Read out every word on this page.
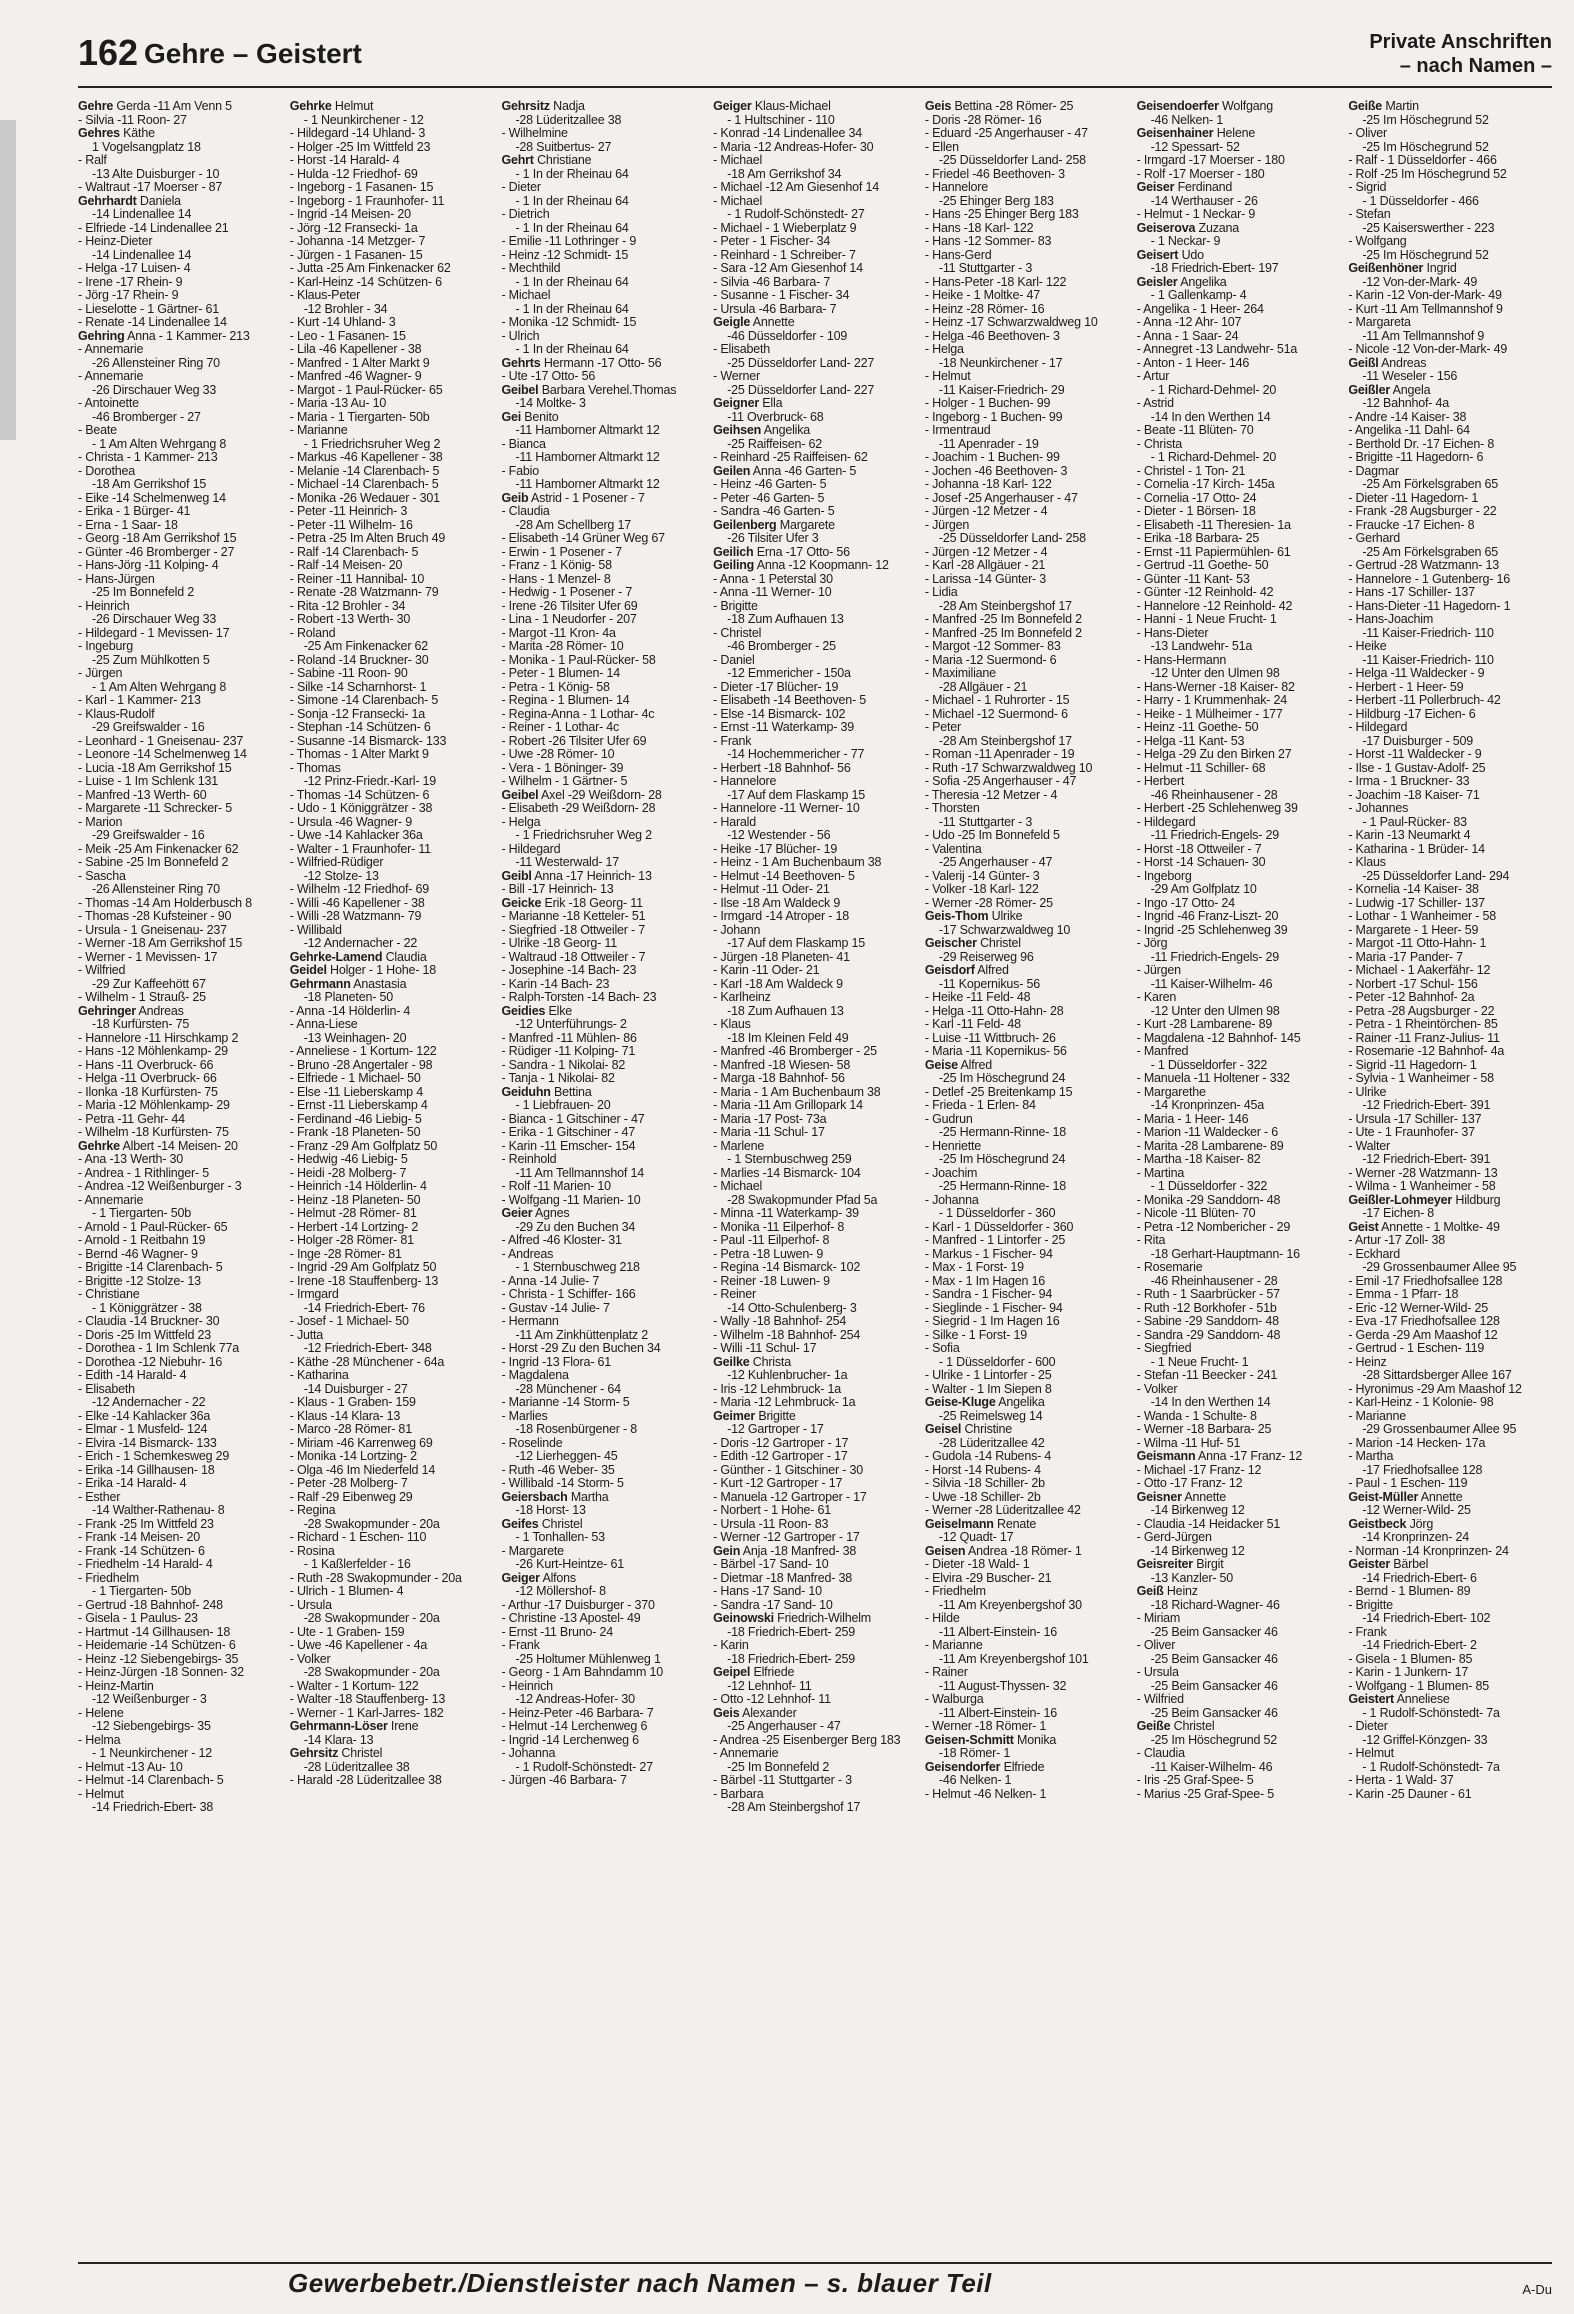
162 Gehre – Geistert	Private Anschriften
– nach Namen –
Gehre Gerda -11 Am Venn 5
- Silvia -11 Roon- 27
Gehres Käthe
1 Vogelsangplatz 18
- Ralf
-13 Alte Duisburger - 10
- Waltraut -17 Moerser - 87
Gehrhardt Daniela
-14 Lindenallee 14
- Elfriede -14 Lindenallee 21
- Heinz-Dieter
-14 Lindenallee 14
- Helga -17 Luisen- 4
- Irene -17 Rhein- 9
- Jörg -17 Rhein- 9
- Lieselotte - 1 Gärtner- 61
- Renate -14 Lindenallee 14
Gehring Anna - 1 Kammer- 213
- Annemarie
-26 Allensteiner Ring 70
- Annemarie
-26 Dirschauer Weg 33
- Antoinette
-46 Bromberger - 27
- Beate
- 1 Am Alten Wehrgang 8
- Christa - 1 Kammer- 213
- Dorothea
-18 Am Gerrikshof 15
- Eike -14 Schelmenweg 14
- Erika - 1 Bürger- 41
- Erna - 1 Saar- 18
- Georg -18 Am Gerrikshof 15
- Günter -46 Bromberger - 27
- Hans-Jörg -11 Kolping- 4
- Hans-Jürgen
-25 Im Bonnefeld 2
- Heinrich
-26 Dirschauer Weg 33
- Hildegard - 1 Mevissen- 17
- Ingeburg
-25 Zum Mühlkotten 5
- Jürgen
- 1 Am Alten Wehrgang 8
- Karl - 1 Kammer- 213
- Klaus-Rudolf
-29 Greifswalder - 16
- Leonhard - 1 Gneisenau- 237
- Leonore -14 Schelmenweg 14
- Lucia -18 Am Gerrikshof 15
- Luise - 1 Im Schlenk 131
- Manfred -13 Werth- 60
- Margarete -11 Schrecker- 5
- Marion
-29 Greifswalder - 16
- Meik -25 Am Finkenacker 62
- Sabine -25 Im Bonnefeld 2
- Sascha
-26 Allensteiner Ring 70
- Thomas -14 Am Holderbusch 8
- Thomas -28 Kufsteiner - 90
- Ursula - 1 Gneisenau- 237
- Werner -18 Am Gerrikshof 15
- Werner - 1 Mevissen- 17
- Wilfried
-29 Zur Kaffeehött 67
- Wilhelm - 1 Strauß- 25
Gehringer Andreas
-18 Kurfürsten- 75
- Hannelore -11 Hirschkamp 2
- Hans -12 Möhlenkamp- 29
- Hans -11 Overbruck- 66
- Helga -11 Overbruck- 66
- Ilonka -18 Kurfürsten- 75
- Maria -12 Möhlenkamp- 29
- Petra -11 Gehr- 44
- Wilhelm -18 Kurfürsten- 75
Gehrke Albert -14 Meisen- 20
- Ana -13 Werth- 30
- Andrea - 1 Rithlinger- 5
- Andrea -12 Weißenburger - 3
- Annemarie
- 1 Tiergarten- 50b
- Arnold - 1 Paul-Rücker- 65
- Arnold - 1 Reitbahn 19
- Bernd -46 Wagner- 9
- Brigitte -14 Clarenbach- 5
- Brigitte -12 Stolze- 13
- Christiane
- 1 Königgrätzer - 38
- Claudia -14 Bruckner- 30
- Doris -25 Im Wittfeld 23
- Dorothea - 1 Im Schlenk 77a
- Dorothea -12 Niebuhr- 16
- Edith -14 Harald- 4
- Elisabeth
-12 Andernacher - 22
- Elke -14 Kahlacker 36a
- Elmar - 1 Musfeld- 124
- Elvira -14 Bismarck- 133
- Erich - 1 Schemkesweg 29
- Erika -14 Gillhausen- 18
- Erika -14 Harald- 4
- Esther
-14 Walther-Rathenau- 8
- Frank -25 Im Wittfeld 23
- Frank -14 Meisen- 20
- Frank -14 Schützen- 6
- Friedhelm -14 Harald- 4
- Friedhelm
- 1 Tiergarten- 50b
- Gertrud -18 Bahnhof- 248
- Gisela - 1 Paulus- 23
- Hartmut -14 Gillhausen- 18
- Heidemarie -14 Schützen- 6
- Heinz -12 Siebengebirgs- 35
- Heinz-Jürgen -18 Sonnen- 32
- Heinz-Martin
-12 Weißenburger - 3
- Helene
-12 Siebengebirgs- 35
- Helma
- 1 Neunkirchener - 12
- Helmut -13 Au- 10
- Helmut -14 Clarenbach- 5
- Helmut
-14 Friedrich-Ebert- 38
Gehrke Helmut
- 1 Neunkirchener - 12
- Hildegard -14 Uhland- 3
- Holger -25 Im Wittfeld 23
- Horst -14 Harald- 4
- Hulda -12 Friedhof- 69
- Ingeborg - 1 Fasanen- 15
- Ingeborg - 1 Fraunhofer- 11
- Ingrid -14 Meisen- 20
- Jörg -12 Fransecki- 1a
- Johanna -14 Metzger- 7
- Jürgen - 1 Fasanen- 15
- Jutta -25 Am Finkenacker 62
- Karl-Heinz -14 Schützen- 6
- Klaus-Peter
-12 Brohler - 34
- Kurt -14 Uhland- 3
- Leo - 1 Fasanen- 15
- Lila -46 Kapellener - 38
- Manfred - 1 Alter Markt 9
- Manfred -46 Wagner- 9
- Margot - 1 Paul-Rücker- 65
- Maria -13 Au- 10
- Maria - 1 Tiergarten- 50b
- Marianne
- 1 Friedrichsruher Weg 2
- Markus -46 Kapellener - 38
- Melanie -14 Clarenbach- 5
- Michael -14 Clarenbach- 5
- Monika -26 Wedauer - 301
- Peter -11 Heinrich- 3
- Peter -11 Wilhelm- 16
- Petra -25 Im Alten Bruch 49
- Ralf -14 Clarenbach- 5
- Ralf -14 Meisen- 20
- Reiner -11 Hannibal- 10
- Renate -28 Watzmann- 79
- Rita -12 Brohler - 34
- Robert -13 Werth- 30
- Roland
-25 Am Finkenacker 62
- Roland -14 Bruckner- 30
- Sabine -11 Roon- 90
- Silke -14 Scharnhorst- 1
- Simone -14 Clarenbach- 5
- Sonja -12 Fransecki- 1a
- Stephan -14 Schützen- 6
- Susanne -14 Bismarck- 133
- Thomas - 1 Alter Markt 9
- Thomas
-12 Prinz-Friedr.-Karl- 19
- Thomas -14 Schützen- 6
- Udo - 1 Königgrätzer - 38
- Ursula -46 Wagner- 9
- Uwe -14 Kahlacker 36a
- Walter - 1 Fraunhofer- 11
- Wilfried-Rüdiger
-12 Stolze- 13
- Wilhelm -12 Friedhof- 69
- Willi -46 Kapellener - 38
- Willi -28 Watzmann- 79
- Willibald
-12 Andernacher - 22
Gehrke-Lamend Claudia
Geidel Holger - 1 Hohe- 18
Gehrmann Anastasia
-18 Planeten- 50
- Anna -14 Hölderlin- 4
- Anna-Liese
-13 Weinhagen- 20
- Anneliese - 1 Kortum- 122
- Bruno -28 Angertaler - 98
- Elfriede - 1 Michael- 50
- Else -11 Lieberskamp 4
- Ernst -11 Lieberskamp 4
- Ferdinand -46 Liebig- 5
- Frank -18 Planeten- 50
- Franz -29 Am Golfplatz 50
- Hedwig -46 Liebig- 5
- Heidi -28 Molberg- 7
- Heinrich -14 Hölderlin- 4
- Heinz -18 Planeten- 50
- Helmut -28 Römer- 81
- Herbert -14 Lortzing- 2
- Holger -28 Römer- 81
- Inge -28 Römer- 81
- Ingrid -29 Am Golfplatz 50
- Irene -18 Stauffenberg- 13
- Irmgard
-14 Friedrich-Ebert- 76
- Josef - 1 Michael- 50
- Jutta
-12 Friedrich-Ebert- 348
- Käthe -28 Münchener - 64a
- Katharina
-14 Duisburger - 27
- Klaus - 1 Graben- 159
- Klaus -14 Klara- 13
- Marco -28 Römer- 81
- Miriam -46 Karrenweg 69
- Monika -14 Lortzing- 2
- Olga -46 Im Niederfeld 14
- Peter -28 Molberg- 7
- Ralf -29 Eibenweg 29
- Regina
-28 Swakopmunder - 20a
- Richard - 1 Eschen- 110
- Rosina
- 1 Kaßlerfelder - 16
- Ruth -28 Swakopmunder - 20a
- Ulrich - 1 Blumen- 4
- Ursula
-28 Swakopmunder - 20a
- Ute - 1 Graben- 159
- Uwe -46 Kapellener - 4a
- Volker
-28 Swakopmunder - 20a
- Walter - 1 Kortum- 122
- Walter -18 Stauffenberg- 13
- Werner - 1 Karl-Jarres- 182
Gehrmann-Löser Irene
-14 Klara- 13
Gehrsitz Christel
-28 Lüderitzallee 38
- Harald -28 Lüderitzallee 38
Gehrsitz Nadja
-28 Lüderitzallee 38
- Wilhelmine
-28 Suitbertus- 27
Gehrt Christiane
- 1 In der Rheinau 64
- Dieter
- 1 In der Rheinau 64
- Dietrich
- 1 In der Rheinau 64
- Emilie -11 Lothringer - 9
- Heinz -12 Schmidt- 15
- Mechthild
- 1 In der Rheinau 64
- Michael
- 1 In der Rheinau 64
- Monika -12 Schmidt- 15
- Ulrich
- 1 In der Rheinau 64
Gehrts Hermann -17 Otto- 56
- Ute -17 Otto- 56
Geibel Barbara Verehel.Thomas
-14 Moltke- 3
Gei Benito
-11 Hamborner Altmarkt 12
- Bianca
-11 Hamborner Altmarkt 12
- Fabio
-11 Hamborner Altmarkt 12
Geib Astrid - 1 Posener - 7
- Claudia
-28 Am Schellberg 17
- Elisabeth -14 Grüner Weg 67
- Erwin - 1 Posener - 7
- Franz - 1 König- 58
- Hans - 1 Menzel- 8
- Hedwig - 1 Posener - 7
- Irene -26 Tilsiter Ufer 69
- Lina - 1 Neudorfer - 207
- Margot -11 Kron- 4a
- Marita -28 Römer- 10
- Monika - 1 Paul-Rücker- 58
- Peter - 1 Blumen- 14
- Petra - 1 König- 58
- Regina - 1 Blumen- 14
- Regina-Anna - 1 Lothar- 4c
- Reiner - 1 Lothar- 4c
- Robert -26 Tilsiter Ufer 69
- Uwe -28 Römer- 10
- Vera - 1 Böninger- 39
- Wilhelm - 1 Gärtner- 5
Geibel Axel -29 Weißdorn- 28
- Elisabeth -29 Weißdorn- 28
- Helga
- 1 Friedrichsruher Weg 2
- Hildegard
-11 Westerwald- 17
Geibl Anna -17 Heinrich- 13
- Bill -17 Heinrich- 13
Geicke Erik -18 Georg- 11
- Marianne -18 Ketteler- 51
- Siegfried -18 Ottweiler - 7
- Ulrike -18 Georg- 11
- Waltraud -18 Ottweiler - 7
- Josephine -14 Bach- 23
- Karin -14 Bach- 23
- Ralph-Torsten -14 Bach- 23
Geidies Elke
-12 Unterführungs- 2
- Manfred -11 Mühlen- 86
- Rüdiger -11 Kolping- 71
- Sandra - 1 Nikolai- 82
- Tanja - 1 Nikolai- 82
Geiduhn Bettina
- 1 Liebfrauen- 20
- Bianca - 1 Gitschiner - 47
- Erika - 1 Gitschiner - 47
- Karin -11 Emscher- 154
- Reinhold
-11 Am Tellmannshof 14
- Rolf -11 Marien- 10
- Wolfgang -11 Marien- 10
Geier Agnes
-29 Zu den Buchen 34
- Alfred -46 Kloster- 31
- Andreas
- 1 Sternbuschweg 218
- Anna -14 Julie- 7
- Christa - 1 Schiffer- 166
- Gustav -14 Julie- 7
- Hermann
-11 Am Zinkhüttenplatz 2
- Horst -29 Zu den Buchen 34
- Ingrid -13 Flora- 61
- Magdalena
-28 Münchener - 64
- Marianne -14 Storm- 5
- Marlies
-18 Rosenbürgener - 8
- Roselinde
-12 Lierheggen- 45
- Ruth -46 Weber- 35
- Willibald -14 Storm- 5
Geiersbach Martha
-18 Horst- 13
Geifes Christel
- 1 Tonhallen- 53
- Margarete
-26 Kurt-Heintze- 61
Geiger Alfons
-12 Möllershof- 8
- Arthur -17 Duisburger - 370
- Christine -13 Apostel- 49
- Ernst -11 Bruno- 24
- Frank
-25 Holtumer Mühlenweg 1
- Georg - 1 Am Bahndamm 10
- Heinrich
-12 Andreas-Hofer- 30
- Heinz-Peter -46 Barbara- 7
- Helmut -14 Lerchenweg 6
- Ingrid -14 Lerchenweg 6
- Johanna
- 1 Rudolf-Schönstedt- 27
- Jürgen -46 Barbara- 7
Geiger Klaus-Michael
- 1 Hultschiner - 110
- Konrad -14 Lindenallee 34
- Maria -12 Andreas-Hofer- 30
- Michael
-18 Am Gerrikshof 34
- Michael -12 Am Giesenhof 14
- Michael
- 1 Rudolf-Schönstedt- 27
- Michael - 1 Wieberplatz 9
- Peter - 1 Fischer- 34
- Reinhard - 1 Schreiber- 7
- Sara -12 Am Giesenhof 14
- Silvia -46 Barbara- 7
- Susanne - 1 Fischer- 34
- Ursula -46 Barbara- 7
Geigle Annette
-46 Düsseldorfer - 109
- Elisabeth
-25 Düsseldorfer Land- 227
- Werner
-25 Düsseldorfer Land- 227
Geigner Ella
-11 Overbruck- 68
Geihsen Angelika
-25 Raiffeisen- 62
- Reinhard -25 Raiffeisen- 62
Geilen Anna -46 Garten- 5
- Heinz -46 Garten- 5
- Peter -46 Garten- 5
- Sandra -46 Garten- 5
Geilenberg Margarete
-26 Tilsiter Ufer 3
Geilich Erna -17 Otto- 56
Geiling Anna -12 Koopmann- 12
- Anna - 1 Peterstal 30
- Anna -11 Werner- 10
- Brigitte
-18 Zum Aufhauen 13
- Christel
-46 Bromberger - 25
- Daniel
-12 Emmericher - 150a
- Dieter -17 Blücher- 19
- Elisabeth -14 Beethoven- 5
- Else -14 Bismarck- 102
- Ernst -11 Waterkamp- 39
- Frank
-14 Hochemmericher - 77
- Herbert -18 Bahnhof- 56
- Hannelore
-17 Auf dem Flaskamp 15
- Hannelore -11 Werner- 10
- Harald
-12 Westender - 56
- Heike -17 Blücher- 19
- Heinz - 1 Am Buchenbaum 38
- Helmut -14 Beethoven- 5
- Helmut -11 Oder- 21
- Ilse -18 Am Waldeck 9
- Irmgard -14 Atroper - 18
- Johann
-17 Auf dem Flaskamp 15
- Jürgen -18 Planeten- 41
- Karin -11 Oder- 21
- Karl -18 Am Waldeck 9
- Karlheinz
-18 Zum Aufhauen 13
- Klaus
-18 Im Kleinen Feld 49
- Manfred -46 Bromberger - 25
- Manfred -18 Wiesen- 58
- Marga -18 Bahnhof- 56
- Maria - 1 Am Buchenbaum 38
- Maria -11 Am Grillopark 14
- Maria -17 Post- 73a
- Maria -11 Schul- 17
- Marlene
- 1 Sternbuschweg 259
- Marlies -14 Bismarck- 104
- Michael
-28 Swakopmunder Pfad 5a
- Minna -11 Waterkamp- 39
- Monika -11 Eilperhof- 8
- Paul -11 Eilperhof- 8
- Petra -18 Luwen- 9
- Regina -14 Bismarck- 102
- Reiner -18 Luwen- 9
- Reiner
-14 Otto-Schulenberg- 3
- Wally -18 Bahnhof- 254
- Wilhelm -18 Bahnhof- 254
- Willi -11 Schul- 17
Geilke Christa
-12 Kuhlenbrucher- 1a
- Iris -12 Lehmbruck- 1a
- Maria -12 Lehmbruck- 1a
Geimer Brigitte
-12 Gartroper - 17
- Doris -12 Gartroper - 17
- Edith -12 Gartroper - 17
- Günther - 1 Gitschiner - 30
- Kurt -12 Gartroper - 17
- Manuela -12 Gartroper - 17
- Norbert - 1 Hohe- 61
- Ursula -11 Roon- 83
- Werner -12 Gartroper - 17
Gein Anja -18 Manfred- 38
- Bärbel -17 Sand- 10
- Dietmar -18 Manfred- 38
- Hans -17 Sand- 10
- Sandra -17 Sand- 10
Geinowski Friedrich-Wilhelm
-18 Friedrich-Ebert- 259
- Karin
-18 Friedrich-Ebert- 259
Geipel Elfriede
-12 Lehnhof- 11
- Otto -12 Lehnhof- 11
Geis Alexander
-25 Angerhauser - 47
- Andrea -25 Eisenberger Berg 183
- Annemarie
-25 Im Bonnefeld 2
- Bärbel -11 Stuttgarter - 3
- Barbara
-28 Am Steinbergshof 17
Geis Bettina -28 Römer- 25
- Doris -28 Römer- 16
- Eduard -25 Angerhauser - 47
- Ellen
-25 Düsseldorfer Land- 258
- Friedel -46 Beethoven- 3
- Hannelore
-25 Ehinger Berg 183
- Hans -25 Ehinger Berg 183
- Hans -18 Karl- 122
- Hans -12 Sommer- 83
- Hans-Gerd
-11 Stuttgarter - 3
- Hans-Peter -18 Karl- 122
- Heike - 1 Moltke- 47
- Heinz -28 Römer- 16
- Heinz -17 Schwarzwaldweg 10
- Helga -46 Beethoven- 3
- Helga
-18 Neunkirchener - 17
- Helmut
-11 Kaiser-Friedrich- 29
- Holger - 1 Buchen- 99
- Ingeborg - 1 Buchen- 99
- Irmentraud
-11 Apenrader - 19
- Joachim - 1 Buchen- 99
- Jochen -46 Beethoven- 3
- Johanna -18 Karl- 122
- Josef -25 Angerhauser - 47
- Jürgen -12 Metzer - 4
- Jürgen
-25 Düsseldorfer Land- 258
- Jürgen -12 Metzer - 4
- Karl -28 Allgäuer - 21
- Larissa -14 Günter- 3
- Lidia
-28 Am Steinbergshof 17
- Manfred -25 Im Bonnefeld 2
- Manfred -25 Im Bonnefeld 2
- Margot -12 Sommer- 83
- Maria -12 Suermond- 6
- Maximiliane
-28 Allgäuer - 21
- Michael - 1 Ruhrorter - 15
- Michael -12 Suermond- 6
- Peter
-28 Am Steinbergshof 17
- Roman -11 Apenrader - 19
- Ruth -17 Schwarzwaldweg 10
- Sofia -25 Angerhauser - 47
- Theresia -12 Metzer - 4
- Thorsten
-11 Stuttgarter - 3
- Udo -25 Im Bonnefeld 5
- Valentina
-25 Angerhauser - 47
- Valerij -14 Günter- 3
- Volker -18 Karl- 122
- Werner -28 Römer- 25
Geis-Thom Ulrike
-17 Schwarzwaldweg 10
Geischer Christel
-29 Reiserweg 96
Geisdorf Alfred
-11 Kopernikus- 56
- Heike -11 Feld- 48
- Helga -11 Otto-Hahn- 28
- Karl -11 Feld- 48
- Luise -11 Wittbruch- 26
- Maria -11 Kopernikus- 56
Geise Alfred
-25 Im Höschegrund 24
- Detlef -25 Breitenkamp 15
- Frieda - 1 Erlen- 84
- Gudrun
-25 Hermann-Rinne- 18
- Henriette
-25 Im Höschegrund 24
- Joachim
-25 Hermann-Rinne- 18
- Johanna
- 1 Düsseldorfer - 360
- Karl - 1 Düsseldorfer - 360
- Manfred - 1 Lintorfer - 25
- Markus - 1 Fischer- 94
- Max - 1 Forst- 19
- Max - 1 Im Hagen 16
- Sandra - 1 Fischer- 94
- Sieglinde - 1 Fischer- 94
- Siegrid - 1 Im Hagen 16
- Silke - 1 Forst- 19
- Sofia
- 1 Düsseldorfer - 600
- Ulrike - 1 Lintorfer - 25
- Walter - 1 Im Siepen 8
Geise-Kluge Angelika
-25 Reimelsweg 14
Geisel Christine
-28 Lüderitzallee 42
- Gudola -14 Rubens- 4
- Horst -14 Rubens- 4
- Silvia -18 Schiller- 2b
- Uwe -18 Schiller- 2b
- Werner -28 Lüderitzallee 42
Geiselmann Renate
-12 Quadt- 17
Geisen Andrea -18 Römer- 1
- Dieter -18 Wald- 1
- Elvira -29 Buscher- 21
- Friedhelm
-11 Am Kreyenbergshof 30
- Hilde
-11 Albert-Einstein- 16
- Marianne
-11 Am Kreyenbergshof 101
- Rainer
-11 August-Thyssen- 32
- Walburga
-11 Albert-Einstein- 16
- Werner -18 Römer- 1
Geisen-Schmitt Monika
-18 Römer- 1
Geisendorfer Elfriede
-46 Nelken- 1
- Helmut -46 Nelken- 1
Geisendoerfer Wolfgang
-46 Nelken- 1
Geisenhainer Helene
-12 Spessart- 52
- Irmgard -17 Moerser - 180
- Rolf -17 Moerser - 180
Geiser Ferdinand
-14 Werthauser - 26
- Helmut - 1 Neckar- 9
Geiserova Zuzana
- 1 Neckar- 9
Geisert Udo
-18 Friedrich-Ebert- 197
Geisler Angelika
- 1 Gallenkamp- 4
- Angelika - 1 Heer- 264
- Anna -12 Ahr- 107
- Anna - 1 Saar- 24
- Annegret -13 Landwehr- 51a
- Anton - 1 Heer- 146
- Artur
- 1 Richard-Dehmel- 20
- Astrid
-14 In den Werthen 14
- Beate -11 Blüten- 70
- Christa
- 1 Richard-Dehmel- 20
- Christel - 1 Ton- 21
- Cornelia -17 Kirch- 145a
- Cornelia -17 Otto- 24
- Dieter - 1 Börsen- 18
- Elisabeth -11 Theresien- 1a
- Erika -18 Barbara- 25
- Ernst -11 Papiermühlen- 61
- Gertrud -11 Goethe- 50
- Günter -11 Kant- 53
- Günter -12 Reinhold- 42
- Hannelore -12 Reinhold- 42
- Hanni - 1 Neue Frucht- 1
- Hans-Dieter
-13 Landwehr- 51a
- Hans-Hermann
-12 Unter den Ulmen 98
- Hans-Werner -18 Kaiser- 82
- Harry - 1 Krummenhak- 24
- Heike - 1 Mülheimer - 177
- Heinz -11 Goethe- 50
- Helga -11 Kant- 53
- Helga -29 Zu den Birken 27
- Helmut -11 Schiller- 68
- Herbert
-46 Rheinhausener - 28
- Herbert -25 Schlehenweg 39
- Hildegard
-11 Friedrich-Engels- 29
- Horst -18 Ottweiler - 7
- Horst -14 Schauen- 30
- Ingeborg
-29 Am Golfplatz 10
- Ingo -17 Otto- 24
- Ingrid -46 Franz-Liszt- 20
- Ingrid -25 Schlehenweg 39
- Jörg
-11 Friedrich-Engels- 29
- Jürgen
-11 Kaiser-Wilhelm- 46
- Karen
-12 Unter den Ulmen 98
- Kurt -28 Lambarene- 89
- Magdalena -12 Bahnhof- 145
- Manfred
- 1 Düsseldorfer - 322
- Manuela -11 Holtener - 332
- Margarethe
-14 Kronprinzen- 45a
- Maria - 1 Heer- 146
- Marion -11 Waldecker - 6
- Marita -28 Lambarene- 89
- Martha -18 Kaiser- 82
- Martina
- 1 Düsseldorfer - 322
- Monika -29 Sanddorn- 48
- Nicole -11 Blüten- 70
- Petra -12 Nombericher - 29
- Rita
-18 Gerhart-Hauptmann- 16
- Rosemarie
-46 Rheinhausener - 28
- Ruth - 1 Saarbrücker - 57
- Ruth -12 Borkhofer - 51b
- Sabine -29 Sanddorn- 48
- Sandra -29 Sanddorn- 48
- Siegfried
- 1 Neue Frucht- 1
- Stefan -11 Beecker - 241
- Volker
-14 In den Werthen 14
- Wanda - 1 Schulte- 8
- Werner -18 Barbara- 25
- Wilma -11 Huf- 51
Geismann Anna -17 Franz- 12
- Michael -17 Franz- 12
- Otto -17 Franz- 12
Geisner Annette
-14 Birkenweg 12
- Claudia -14 Heidacker 51
- Gerd-Jürgen
-14 Birkenweg 12
Geisreiter Birgit
-13 Kanzler- 50
Geiß Heinz
-18 Richard-Wagner- 46
- Miriam
-25 Beim Gansacker 46
- Oliver
-25 Beim Gansacker 46
- Ursula
-25 Beim Gansacker 46
- Wilfried
-25 Beim Gansacker 46
Geiße Christel
-25 Im Höschegrund 52
- Claudia
-11 Kaiser-Wilhelm- 46
- Iris -25 Graf-Spee- 5
- Marius -25 Graf-Spee- 5
Geiße Martin
-25 Im Höschegrund 52
- Oliver
-25 Im Höschegrund 52
- Ralf - 1 Düsseldorfer - 466
- Rolf -25 Im Höschegrund 52
- Sigrid
- 1 Düsseldorfer - 466
- Stefan
-25 Kaiserswerther - 223
- Wolfgang
-25 Im Höschegrund 52
Geißenhöner Ingrid
-12 Von-der-Mark- 49
- Karin -12 Von-der-Mark- 49
- Kurt -11 Am Tellmannshof 9
- Margareta
-11 Am Tellmannshof 9
- Nicole -12 Von-der-Mark- 49
Geißl Andreas
-11 Weseler - 156
Geißler Angela
-12 Bahnhof- 4a
- Andre -14 Kaiser- 38
- Angelika -11 Dahl- 64
- Berthold Dr. -17 Eichen- 8
- Brigitte -11 Hagedorn- 6
- Dagmar
-25 Am Förkelsgraben 65
- Dieter -11 Hagedorn- 1
- Frank -28 Augsburger - 22
- Fraucke -17 Eichen- 8
- Gerhard
-25 Am Förkelsgraben 65
- Gertrud -28 Watzmann- 13
- Hannelore - 1 Gutenberg- 16
- Hans -17 Schiller- 137
- Hans-Dieter -11 Hagedorn- 1
- Hans-Joachim
-11 Kaiser-Friedrich- 110
- Heike
-11 Kaiser-Friedrich- 110
- Helga -11 Waldecker - 9
- Herbert - 1 Heer- 59
- Herbert -11 Pollerbruch- 42
- Hildburg -17 Eichen- 6
- Hildegard
-17 Duisburger - 509
- Horst -11 Waldecker - 9
- Ilse - 1 Gustav-Adolf- 25
- Irma - 1 Bruckner- 33
- Joachim -18 Kaiser- 71
- Johannes
- 1 Paul-Rücker- 83
- Karin -13 Neumarkt 4
- Katharina - 1 Brüder- 14
- Klaus
-25 Düsseldorfer Land- 294
- Kornelia -14 Kaiser- 38
- Ludwig -17 Schiller- 137
- Lothar - 1 Wanheimer - 58
- Margarete - 1 Heer- 59
- Margot -11 Otto-Hahn- 1
- Maria -17 Pander- 7
- Michael - 1 Aakerfähr- 12
- Norbert -17 Schul- 156
- Peter -12 Bahnhof- 2a
- Petra -28 Augsburger - 22
- Petra - 1 Rheintörchen- 85
- Rainer -11 Franz-Julius- 11
- Rosemarie -12 Bahnhof- 4a
- Sigrid -11 Hagedorn- 1
- Sylvia - 1 Wanheimer - 58
- Ulrike
-12 Friedrich-Ebert- 391
- Ursula -17 Schiller- 137
- Ute - 1 Fraunhofer- 37
- Walter
-12 Friedrich-Ebert- 391
- Werner -28 Watzmann- 13
- Wilma - 1 Wanheimer - 58
Geißler-Lohmeyer Hildburg
-17 Eichen- 8
Geist Annette - 1 Moltke- 49
- Artur -17 Zoll- 38
- Eckhard
-29 Grossenbaumer Allee 95
- Emil -17 Friedhofsallee 128
- Emma - 1 Pfarr- 18
- Eric -12 Werner-Wild- 25
- Eva -17 Friedhofsallee 128
- Gerda -29 Am Maashof 12
- Gertrud - 1 Eschen- 119
- Heinz
-28 Sittardsberger Allee 167
- Hyronimus -29 Am Maashof 12
- Karl-Heinz - 1 Kolonie- 98
- Marianne
-29 Grossenbaumer Allee 95
- Marion -14 Hecken- 17a
- Martha
-17 Friedhofsallee 128
- Paul - 1 Eschen- 119
Geist-Müller Annette
-12 Werner-Wild- 25
Geistbeck Jörg
-14 Kronprinzen- 24
- Norman -14 Kronprinzen- 24
Geister Bärbel
-14 Friedrich-Ebert- 6
- Bernd - 1 Blumen- 89
- Brigitte
-14 Friedrich-Ebert- 102
- Frank
-14 Friedrich-Ebert- 2
- Gisela - 1 Blumen- 85
- Karin - 1 Junkern- 17
- Wolfgang - 1 Blumen- 85
Geistert Anneliese
- 1 Rudolf-Schönstedt- 7a
- Dieter
-12 Griffel-Könzgen- 33
- Helmut
- 1 Rudolf-Schönstedt- 7a
- Herta - 1 Wald- 37
- Karin -25 Dauner - 61
Gewerbebetr./Dienstleister nach Namen – s. blauer Teil	A-Du
